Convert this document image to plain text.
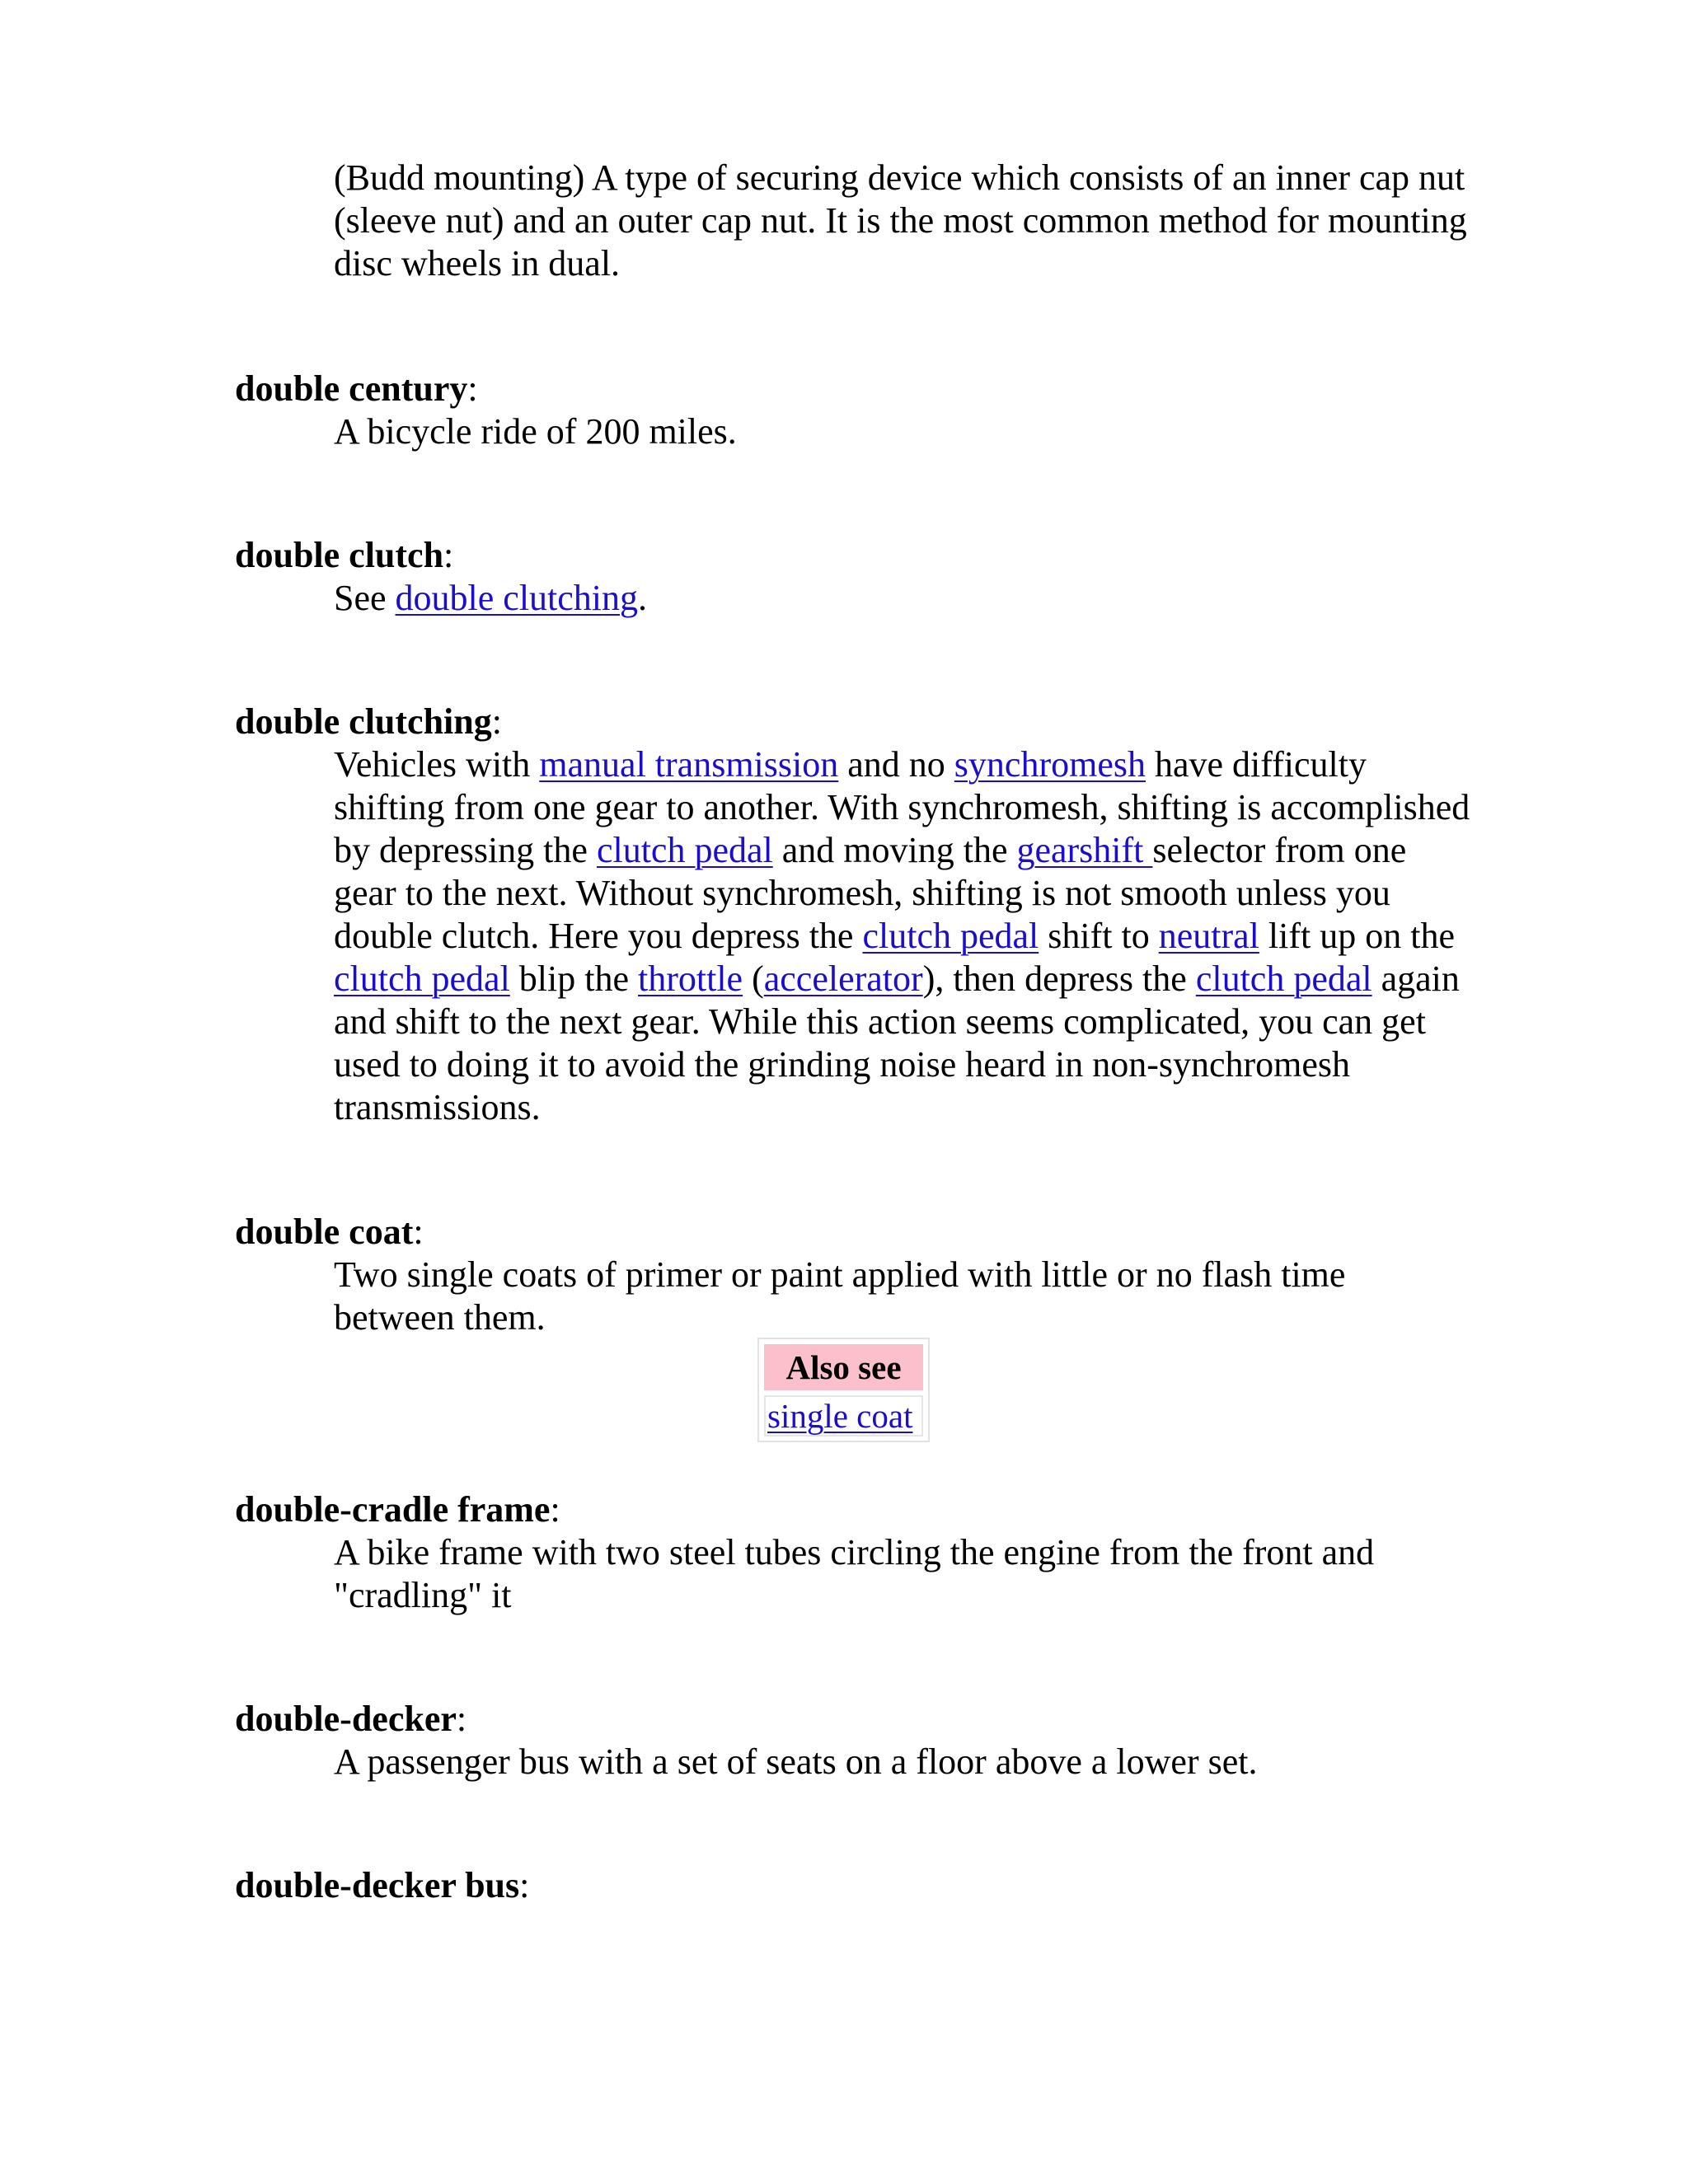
(Budd mounting) A type of securing device which consists of an inner cap nut (sleeve nut) and an outer cap nut. It is the most common method for mounting disc wheels in dual.

double century:

A bicycle ride of 200 miles.

double clutch:

See double clutching.

double clutching:

Vehicles with manual transmission and no synchromesh have difficulty shifting from one gear to another. With synchromesh, shifting is accomplished by depressing the clutch pedal and moving the gearshift selector from one gear to the next. Without synchromesh, shifting is not smooth unless you double clutch. Here you depress the clutch pedal shift to neutral lift up on the clutch pedal blip the throttle (accelerator), then depress the clutch pedal again and shift to the next gear. While this action seems complicated, you can get used to doing it to avoid the grinding noise heard in non-synchromesh transmissions.

double coat:

Two single coats of primer or paint applied with little or no flash time between them.

Also see
single coat

double-cradle frame:

A bike frame with two steel tubes circling the engine from the front and "cradling" it

double-decker:

A passenger bus with a set of seats on a floor above a lower set.

double-decker bus:
